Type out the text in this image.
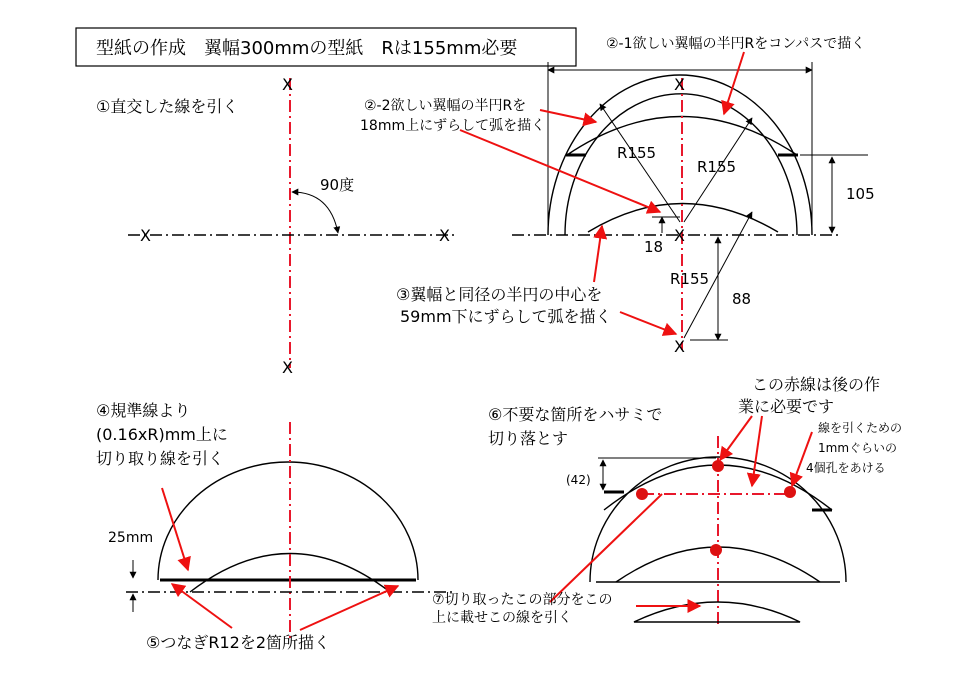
型紙の作成　翼幅300mmの型紙　Rは155mm必要
X
X
X	X
90度
①直交した線を引く
X
X
X
R155
R155
R155
105
18
88
②-1欲しい翼幅の半円Rをコンパスで描く
②-2欲しい翼幅の半円Rを
18mm上にずらして弧を描く
③翼幅と同径の半円の中心を
59mm下にずらして弧を描く
25mm
④規準線より
(0.16xR)mm上に
切り取り線を引く
⑤つなぎR12を2箇所描く
(42)
⑥不要な箇所をハサミで
切り落とす
この赤線は後の作
業に必要です
線を引くための
1mmぐらいの
4個孔をあける
⑦切り取ったこの部分をこの
上に載せこの線を引く
